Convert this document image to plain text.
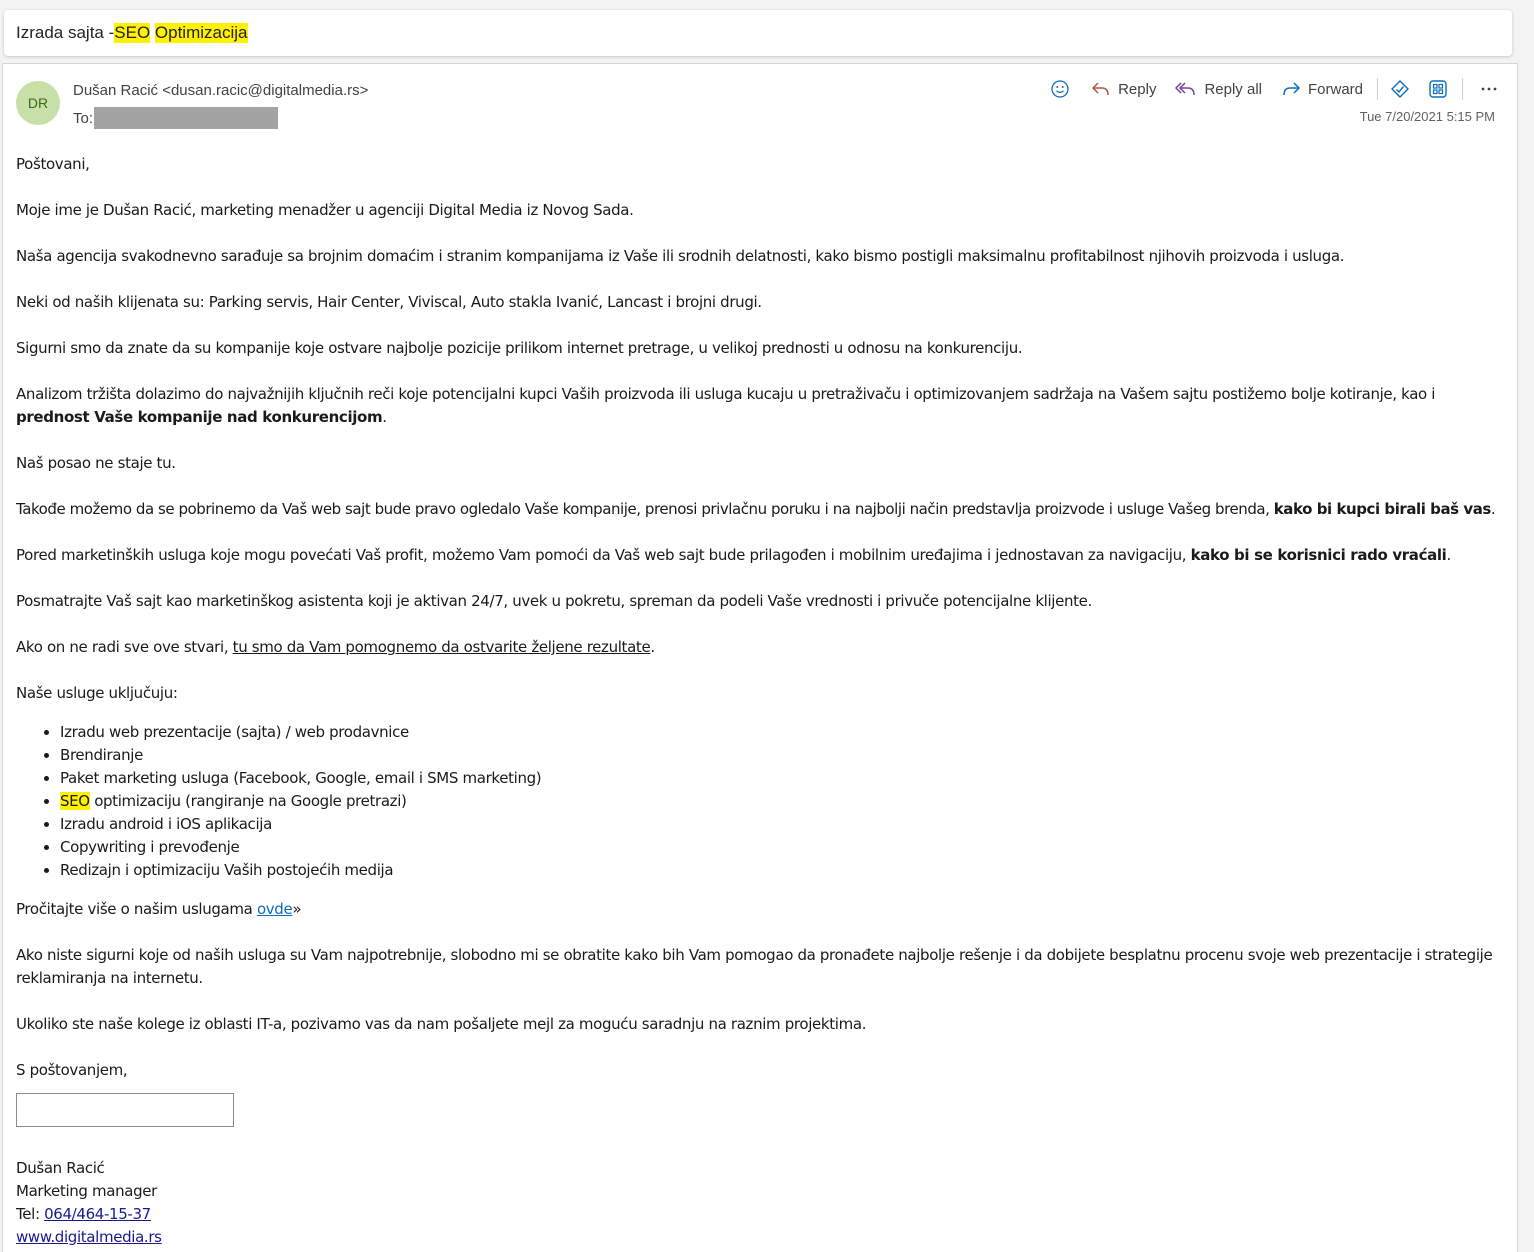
Izrada sajta - SEO
Optimizacija
DR
Dušan Racić <dusan.racic@digitalmedia.rs>
To:
Reply	Reply all	Forward
Tue 7/20/2021 5:15 PM

Poštovani,

Moje ime je Dušan Racić, marketing menadžer u agenciji Digital Media iz Novog Sada.

Naša agencija svakodnevno sarađuje sa brojnim domaćim i stranim kompanijama iz Vaše ili srodnih delatnosti, kako bismo postigli maksimalnu profitabilnost njihovih proizvoda i usluga.

Neki od naših klijenata su: Parking servis, Hair Center, Viviscal, Auto stakla Ivanić, Lancast i brojni drugi.

Sigurni smo da znate da su kompanije koje ostvare najbolje pozicije prilikom internet pretrage, u velikoj prednosti u odnosu na konkurenciju.

Analizom tržišta dolazimo do najvažnijih ključnih reči koje potencijalni kupci Vaših proizvoda ili usluga kucaju u pretraživaču i optimizovanjem sadržaja na Vašem sajtu postižemo bolje kotiranje, kao i prednost Vaše kompanije nad konkurencijom.

Naš posao ne staje tu.

Takođe možemo da se pobrinemo da Vaš web sajt bude pravo ogledalo Vaše kompanije, prenosi privlačnu poruku i na najbolji način predstavlja proizvode i usluge Vašeg brenda, kako bi kupci birali baš vas.

Pored marketinških usluga koje mogu povećati Vaš profit, možemo Vam pomoći da Vaš web sajt bude prilagođen i mobilnim uređajima i jednostavan za navigaciju, kako bi se korisnici rado vraćali.

Posmatrajte Vaš sajt kao marketinškog asistenta koji je aktivan 24/7, uvek u pokretu, spreman da podeli Vaše vrednosti i privuče potencijalne klijente.

Ako on ne radi sve ove stvari, tu smo da Vam pomognemo da ostvarite željene rezultate.

Naše usluge uključuju:

• Izradu web prezentacije (sajta) / web prodavnice
• Brendiranje
• Paket marketing usluga (Facebook, Google, email i SMS marketing)
• SEO optimizaciju (rangiranje na Google pretrazi)
• Izradu android i iOS aplikacija
• Copywriting i prevođenje
• Redizajn i optimizaciju Vaših postojećih medija

Pročitajte više o našim uslugama ovde»

Ako niste sigurni koje od naših usluga su Vam najpotrebnije, slobodno mi se obratite kako bih Vam pomogao da pronađete najbolje rešenje i da dobijete besplatnu procenu svoje web prezentacije i strategije reklamiranja na internetu.

Ukoliko ste naše kolege iz oblasti IT-a, pozivamo vas da nam pošaljete mejl za moguću saradnju na raznim projektima.

S poštovanjem,

Dušan Racić
Marketing manager
Tel: 064/464-15-37
www.digitalmedia.rs
